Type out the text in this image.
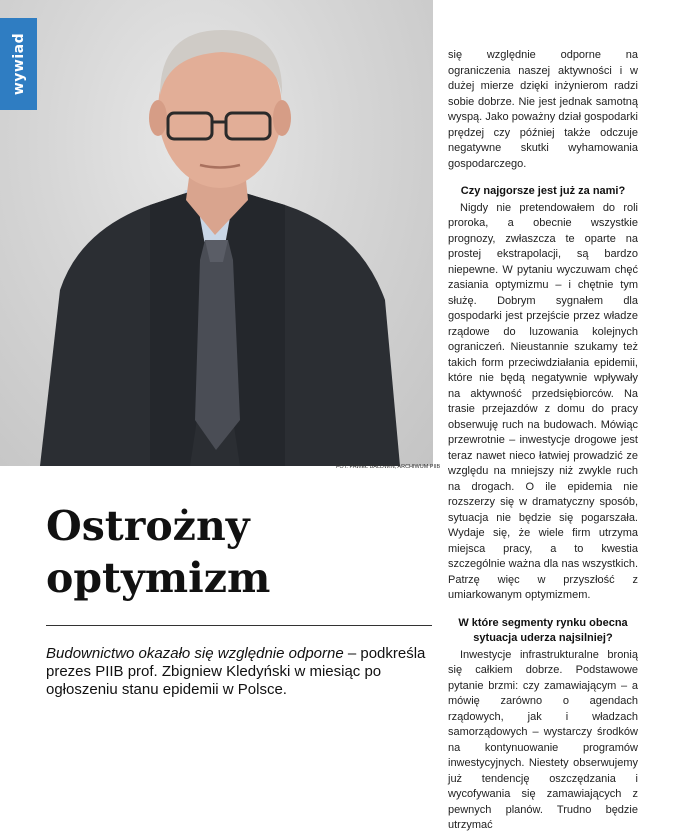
wywiad
FOT. PAWEŁ BALDWIN, ARCHIWUM PIIB
Ostrożny
optymizm

Budownictwo okazało się względnie odporne – podkreśla prezes PIIB prof. Zbigniew Kledyński w miesiąc po ogłoszeniu stanu epidemii w Polsce.

się względnie odporne na ograniczenia naszej aktywności i w dużej mierze dzięki inżynierom radzi sobie dobrze. Nie jest jednak samotną wyspą. Jako poważny dział gospodarki prędzej czy później także odczuje negatywne skutki wyhamowania gospodarczego.

Czy najgorsze jest już za nami?

Nigdy nie pretendowałem do roli proroka, a obecnie wszystkie prognozy, zwłaszcza te oparte na prostej ekstrapolacji, są bardzo niepewne. W pytaniu wyczuwam chęć zasiania optymizmu – i chętnie tym służę. Dobrym sygnałem dla gospodarki jest przejście przez władze rządowe do luzowania kolejnych ograniczeń. Nieustannie szukamy też takich form przeciwdziałania epidemii, które nie będą negatywnie wpływały na aktywność przedsiębiorców. Na trasie przejazdów z domu do pracy obserwuję ruch na budowach. Mówiąc przewrotnie – inwestycje drogowe jest teraz nawet nieco łatwiej prowadzić ze względu na mniejszy niż zwykle ruch na drogach. O ile epidemia nie rozszerzy się w dramatyczny sposób, sytuacja nie będzie się pogarszała. Wydaje się, że wiele firm utrzyma miejsca pracy, a to kwestia szczególnie ważna dla nas wszystkich. Patrzę więc w przyszłość z umiarkowanym optymizmem.

W które segmenty rynku obecna sytuacja uderza najsilniej?

Inwestycje infrastrukturalne bronią się całkiem dobrze. Podstawowe pytanie brzmi: czy zamawiającym – a mówię zarówno o agendach rządowych, jak i władzach samorządowych – wystarczy środków na kontynuowanie programów inwestycyjnych. Niestety obserwujemy już tendencję oszczędzania i wycofywania się zamawiających z pewnych planów. Trudno będzie utrzymać
